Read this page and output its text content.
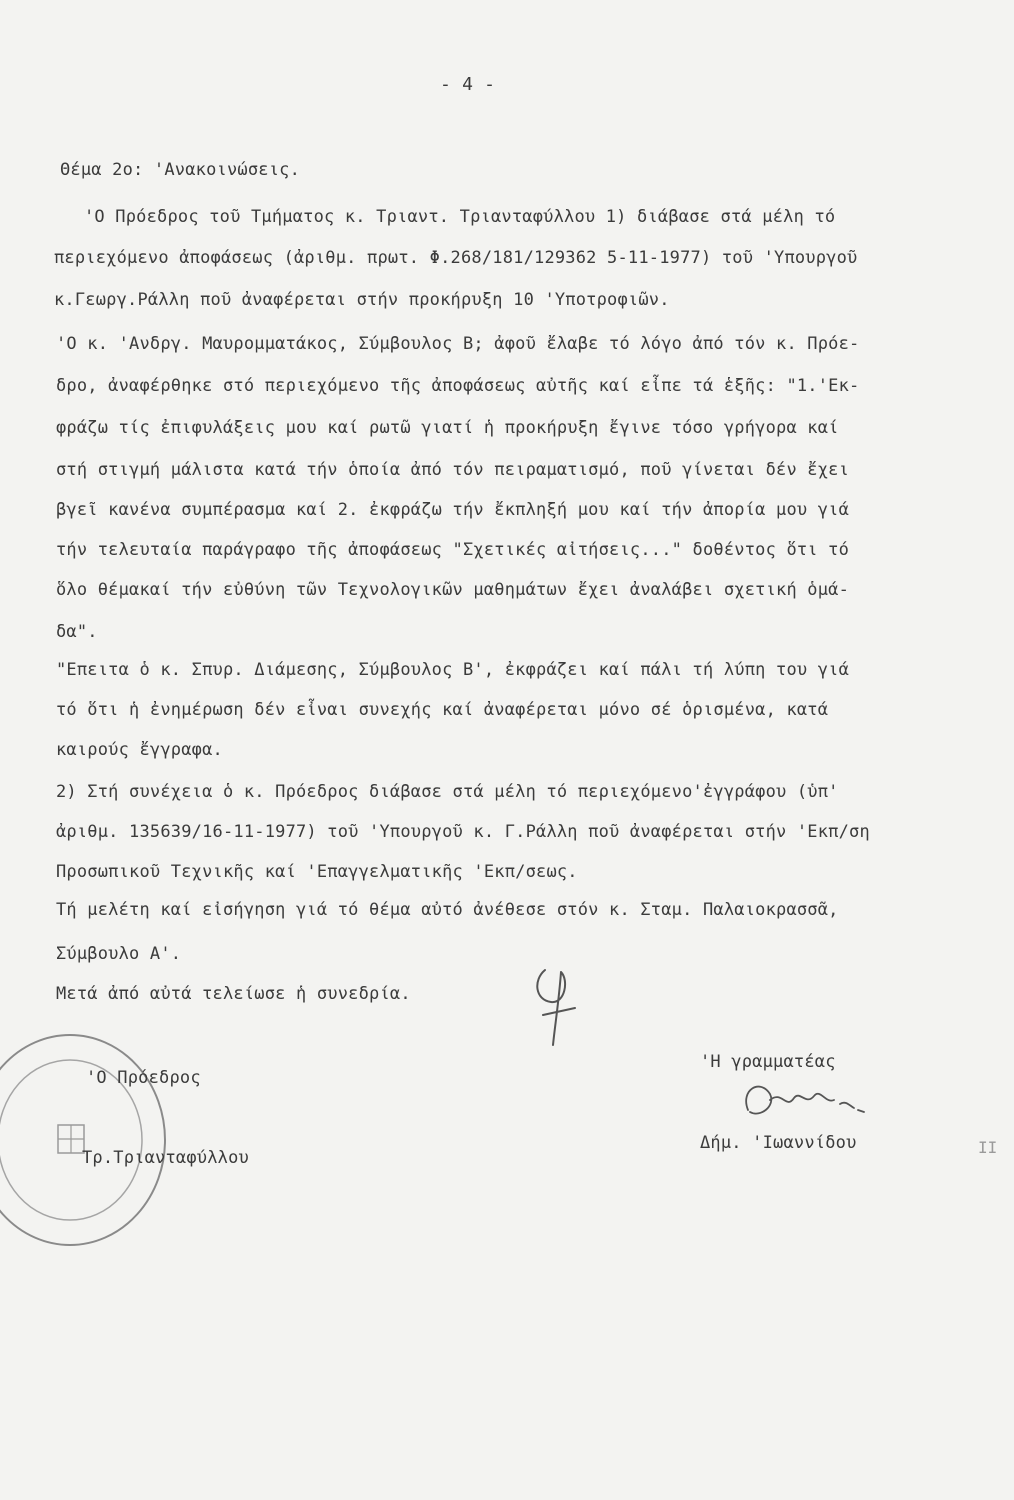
- 4 -
Θέμα 2ο: 'Ανακοινώσεις.
'Ο Πρόεδρος τοῦ Τμήματος κ. Τριαντ. Τριανταφύλλου 1) διάβασε στά μέλη τό
περιεχόμενο ἀποφάσεως (ἀριθμ. πρωτ. Φ.268/181/129362 5-11-1977) τοῦ 'Υπουργοῦ
κ.Γεωργ.Ράλλη ποῦ ἀναφέρεται στήν προκήρυξη 10 'Υποτροφιῶν.
'Ο κ. 'Ανδργ. Μαυρομματάκος, Σύμβουλος Β; ἀφοῦ ἔλαβε τό λόγο ἀπό τόν κ. Πρόε-
δρο, ἀναφέρθηκε στό περιεχόμενο τῆς ἀποφάσεως αὐτῆς καί εἶπε τά ἑξῆς: "1.'Εκ-
φράζω τίς ἐπιφυλάξεις μου καί ρωτῶ γιατί ἡ προκήρυξη ἔγινε τόσο γρήγορα καί
στή στιγμή μάλιστα κατά τήν ὁποία ἀπό τόν πειραματισμό, ποῦ γίνεται δέν ἔχει
βγεῖ κανένα συμπέρασμα καί 2. ἐκφράζω τήν ἔκπληξή μου καί τήν ἀπορία μου γιά
τήν τελευταία παράγραφο τῆς ἀποφάσεως "Σχετικές αἰτήσεις..." δοθέντος ὅτι τό
ὅλο θέμακαί τήν εὐθύνη τῶν Τεχνολογικῶν μαθημάτων ἔχει ἀναλάβει σχετική ὁμά-
δα".
"Επειτα ὁ κ. Σπυρ. Διάμεσης, Σύμβουλος Β', ἐκφράζει καί πάλι τή λύπη του γιά
τό ὅτι ἡ ἐνημέρωση δέν εἶναι συνεχής καί ἀναφέρεται μόνο σέ ὁρισμένα, κατά
καιρούς ἔγγραφα.
2) Στή συνέχεια ὁ κ. Πρόεδρος διάβασε στά μέλη τό περιεχόμενο'ἐγγράφου (ὑπ'
ἀριθμ. 135639/16-11-1977) τοῦ 'Υπουργοῦ κ. Γ.Ράλλη ποῦ ἀναφέρεται στήν 'Εκπ/ση
Προσωπικοῦ Τεχνικῆς καί 'Επαγγελματικῆς 'Εκπ/σεως.
Τή μελέτη καί εἰσήγηση γιά τό θέμα αὐτό ἀνέθεσε στόν κ. Σταμ. Παλαιοκρασσᾶ,
Σύμβουλο Α'.
Μετά ἀπό αὐτά τελείωσε ἡ συνεδρία.
'Ο Πρόεδρος
Τρ.Τριανταφύλλου
'Η γραμματέας
Δήμ. 'Ιωαννίδου	II
